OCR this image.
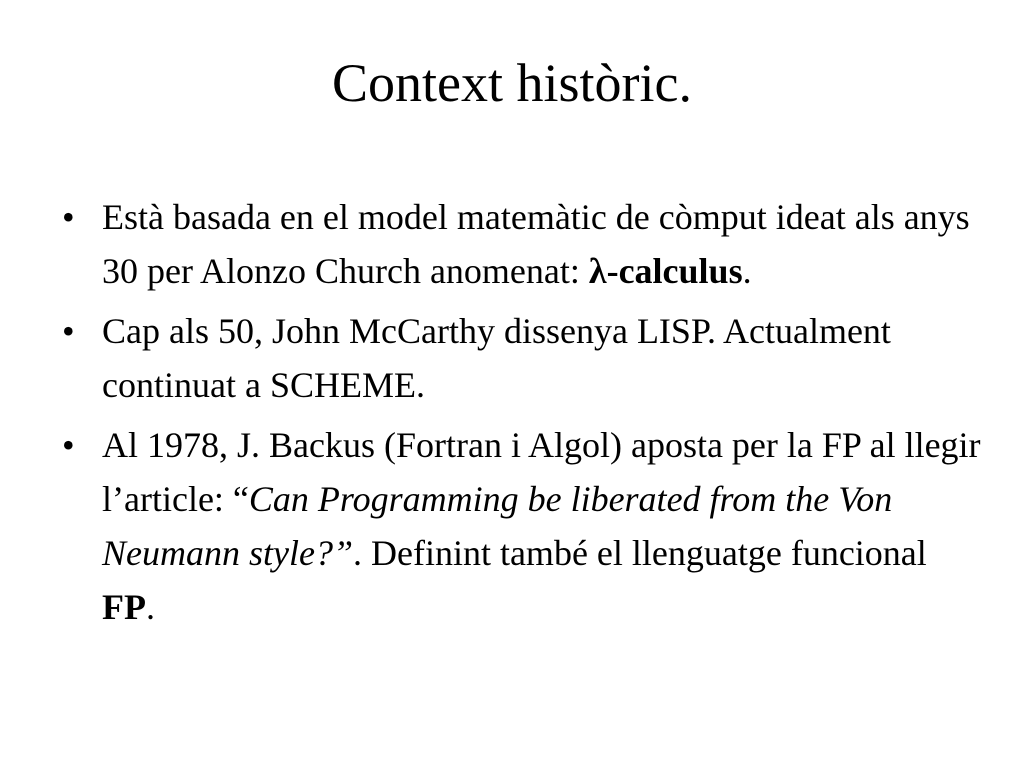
Context històric.
• Està basada en el model matemàtic de còmput ideat als anys 30 per Alonzo Church anomenat: λ-calculus.
• Cap als 50, John McCarthy dissenya LISP. Actualment continuat a SCHEME.
• Al 1978, J. Backus (Fortran i Algol) aposta per la FP al llegir l’article: “Can Programming be liberated from the Von Neumann style?”. Definint també el llenguatge funcional FP.
